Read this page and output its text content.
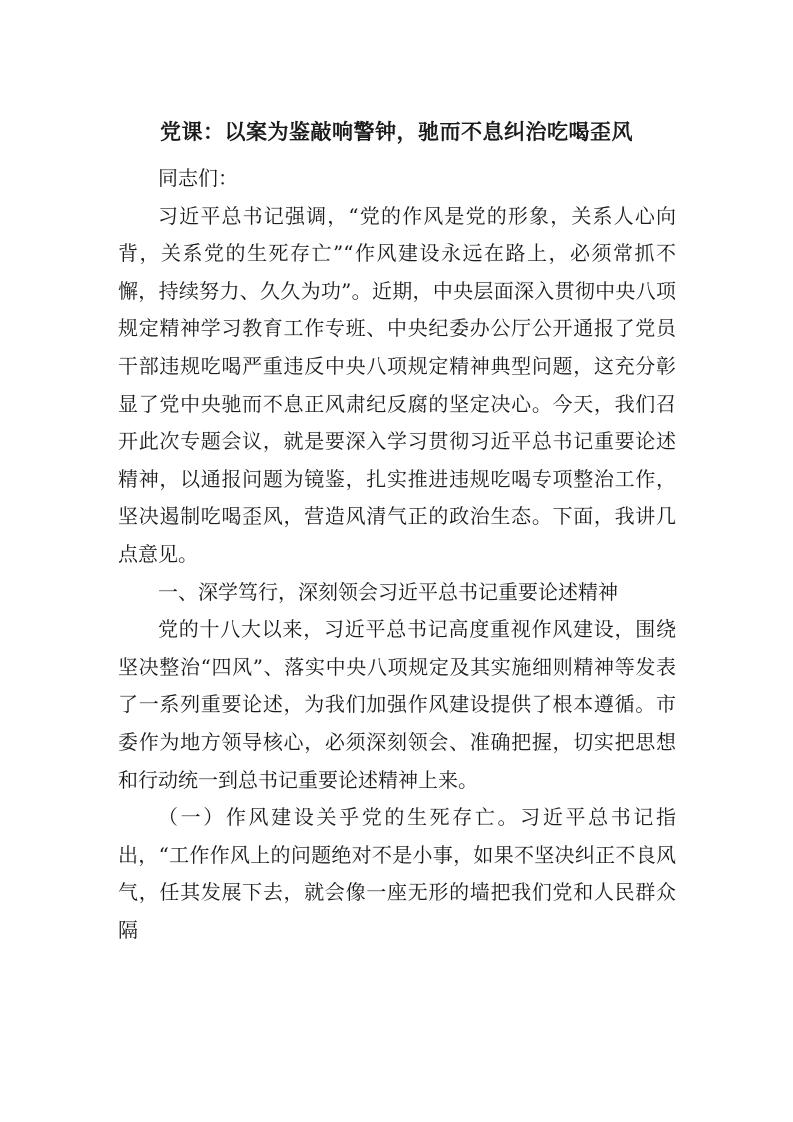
党课：以案为鉴敲响警钟，驰而不息纠治吃喝歪风

同志们：

习近平总书记强调，“党的作风是党的形象，关系人心向背，关系党的生死存亡”“作风建设永远在路上，必须常抓不懈，持续努力、久久为功”。近期，中央层面深入贯彻中央八项规定精神学习教育工作专班、中央纪委办公厅公开通报了党员干部违规吃喝严重违反中央八项规定精神典型问题，这充分彰显了党中央驰而不息正风肃纪反腐的坚定决心。今天，我们召开此次专题会议，就是要深入学习贯彻习近平总书记重要论述精神，以通报问题为镜鉴，扎实推进违规吃喝专项整治工作，坚决遏制吃喝歪风，营造风清气正的政治生态。下面，我讲几点意见。

一、深学笃行，深刻领会习近平总书记重要论述精神

党的十八大以来，习近平总书记高度重视作风建设，围绕坚决整治“四风”、落实中央八项规定及其实施细则精神等发表了一系列重要论述，为我们加强作风建设提供了根本遵循。市委作为地方领导核心，必须深刻领会、准确把握，切实把思想和行动统一到总书记重要论述精神上来。

（一）作风建设关乎党的生死存亡。习近平总书记指出，“工作作风上的问题绝对不是小事，如果不坚决纠正不良风气，任其发展下去，就会像一座无形的墙把我们党和人民群众隔
